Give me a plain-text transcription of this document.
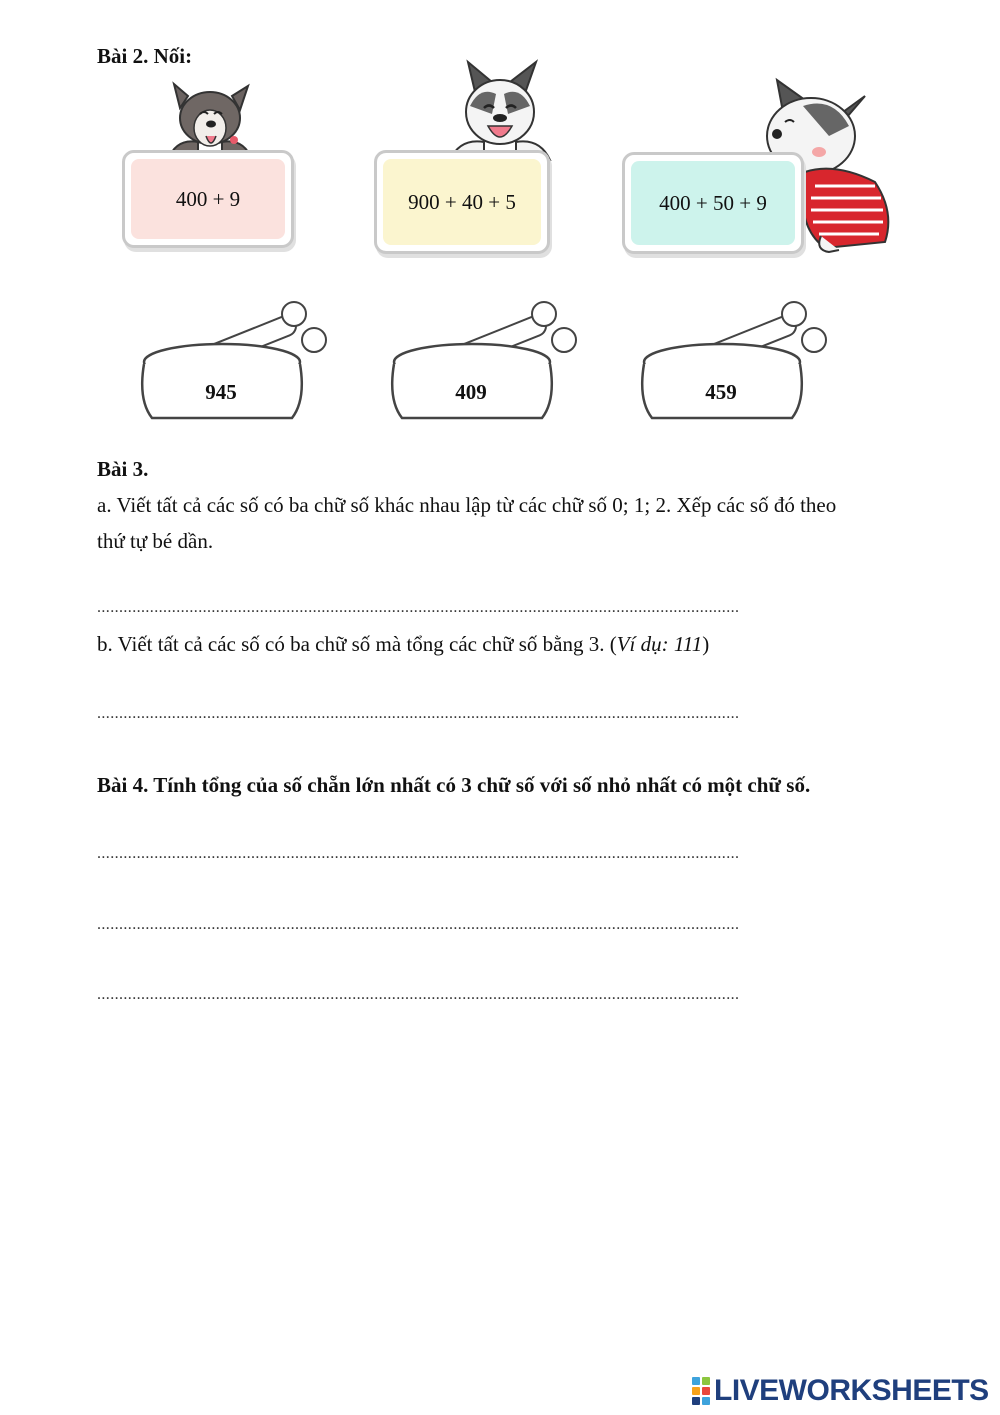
Bài 2. Nối:
400 + 9	900 + 40 + 5	400 + 50 + 9
945	409	459
Bài 3.
a. Viết tất cả các số có ba chữ số khác nhau lập từ các chữ số 0; 1; 2. Xếp các số đó theo
thứ tự bé dần.
..................................................................................................................................................
b. Viết tất cả các số có ba chữ số mà tổng các chữ số bằng 3. (Ví dụ: 111)
..................................................................................................................................................
Bài 4. Tính tổng của số chẵn lớn nhất có 3 chữ số với số nhỏ nhất có một chữ số.
..................................................................................................................................................
..................................................................................................................................................
..................................................................................................................................................
LIVEWORKSHEETS
